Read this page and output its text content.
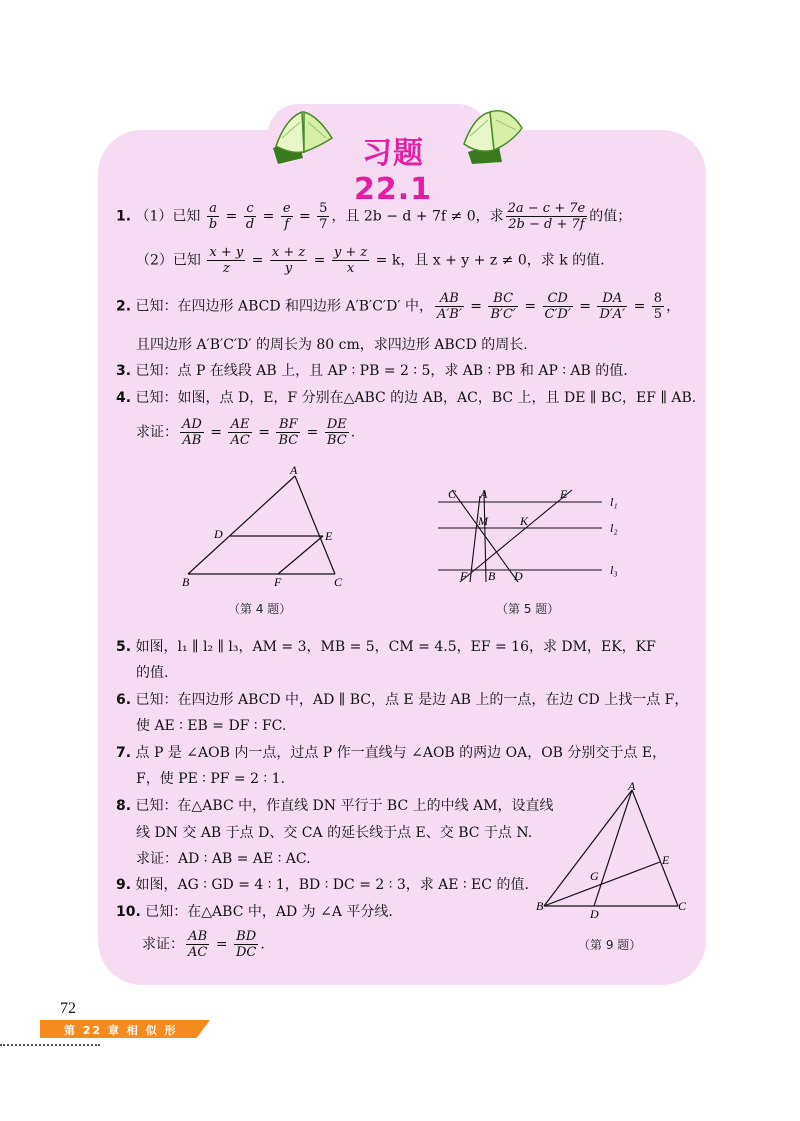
习题 22.1
1. （1）已知 $\frac{a}{b} = \frac{c}{d} = \frac{e}{f} = \frac{5}{7}$ ，且 2b − d + 7f ≠ 0，求 $\frac{2a - c + 7e}{2b - d + 7f}$ 的值；
（2）已知 $\frac{x + y}{z} = \frac{x + z}{y} = \frac{y + z}{x} = k$，且 x + y + z ≠ 0，求 k 的值.
2. 已知：在四边形 ABCD 和四边形 A′B′C′D′ 中， $\frac{AB}{A'B'} = \frac{BC}{B'C'} = \frac{CD}{C'D'} = \frac{DA}{D'A'} = \frac{8}{5}$ ，
且四边形 A′B′C′D′ 的周长为 80 cm，求四边形 ABCD 的周长.
3. 已知：点 P 在线段 AB 上，且 AP ∶ PB = 2 ∶ 5，求 AB ∶ PB 和 AP ∶ AB 的值.
4. 已知：如图，点 D，E，F 分别在△ABC 的边 AB，AC，BC 上，且 DE ∥ BC，EF ∥ AB.
求证： $\frac{AD}{AB} = \frac{AE}{AC} = \frac{BF}{BC} = \frac{DE}{BC}$ .
A
D	E
B	F	C
（第 4 题）
C A	E
M	K
F B D
l₁
l₂
l₃
（第 5 题）
5. 如图，l₁ ∥ l₂ ∥ l₃，AM = 3，MB = 5，CM = 4.5，EF = 16，求 DM，EK，KF
的值.
6. 已知：在四边形 ABCD 中，AD ∥ BC，点 E 是边 AB 上的一点，在边 CD 上找一点 F，
使 AE ∶ EB = DF ∶ FC.
7. 点 P 是 ∠AOB 内一点，过点 P 作一直线与 ∠AOB 的两边 OA，OB 分别交于点 E，
F，使 PE ∶ PF = 2 ∶ 1.
8. 已知：在△ABC 中，作直线 DN 平行于 BC 上的中线 AM，设直线
线 DN 交 AB 于点 D、交 CA 的延长线于点 E、交 BC 于点 N.
求证：AD ∶ AB = AE ∶ AC.
9. 如图，AG ∶ GD = 4 ∶ 1，BD ∶ DC = 2 ∶ 3，求 AE ∶ EC 的值.
10. 已知：在△ABC 中，AD 为 ∠A 平分线.
求证： $\frac{AB}{AC} = \frac{BD}{DC}$ .
A
B	C
D
E
G
（第 9 题）
72
第 22 章 相 似 形
